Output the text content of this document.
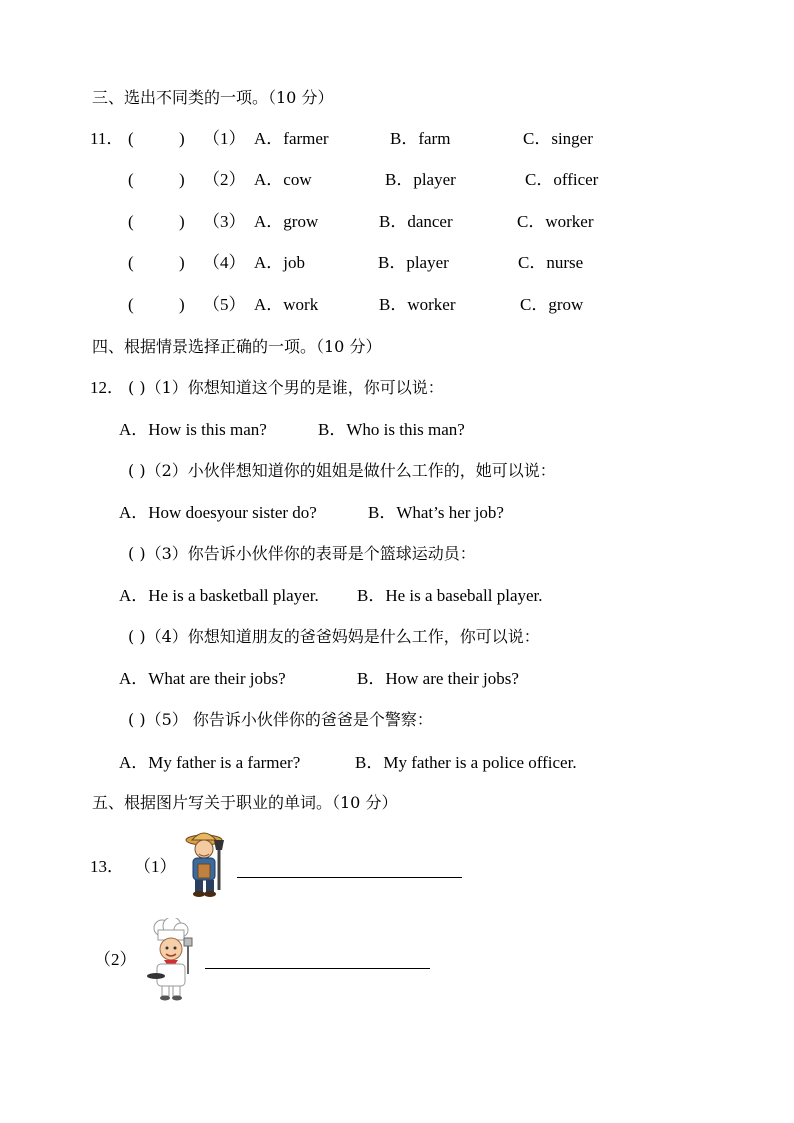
三、选出不同类的一项。（10 分）
11． (	) （1） A．farmer	B．farm	C．singer
(	) （2） A．cow	B．player	C．officer
(	) （3） A．grow	B．dancer	C．worker
(	) （4） A．job	B．player	C．nurse
(	) （5） A．work	B．worker	C．grow
四、根据情景选择正确的一项。（10 分）
12． ( )（1）你想知道这个男的是谁，你可以说：
A．How is this man?	B．Who is this man?
( )（2）小伙伴想知道你的姐姐是做什么工作的，她可以说：
A．How doesyour sister do?	B．What’s her job?
( )（3）你告诉小伙伴你的表哥是个篮球运动员：
A．He is a basketball player. B．He is a baseball player.
( )（4）你想知道朋友的爸爸妈妈是什么工作，你可以说：
A．What are their jobs?	B．How are their jobs?
( )（5） 你告诉小伙伴你的爸爸是个警察：
A．My father is a farmer?	B．My father is a police officer.
五、根据图片写关于职业的单词。（10 分）
13． （1）
（2）
